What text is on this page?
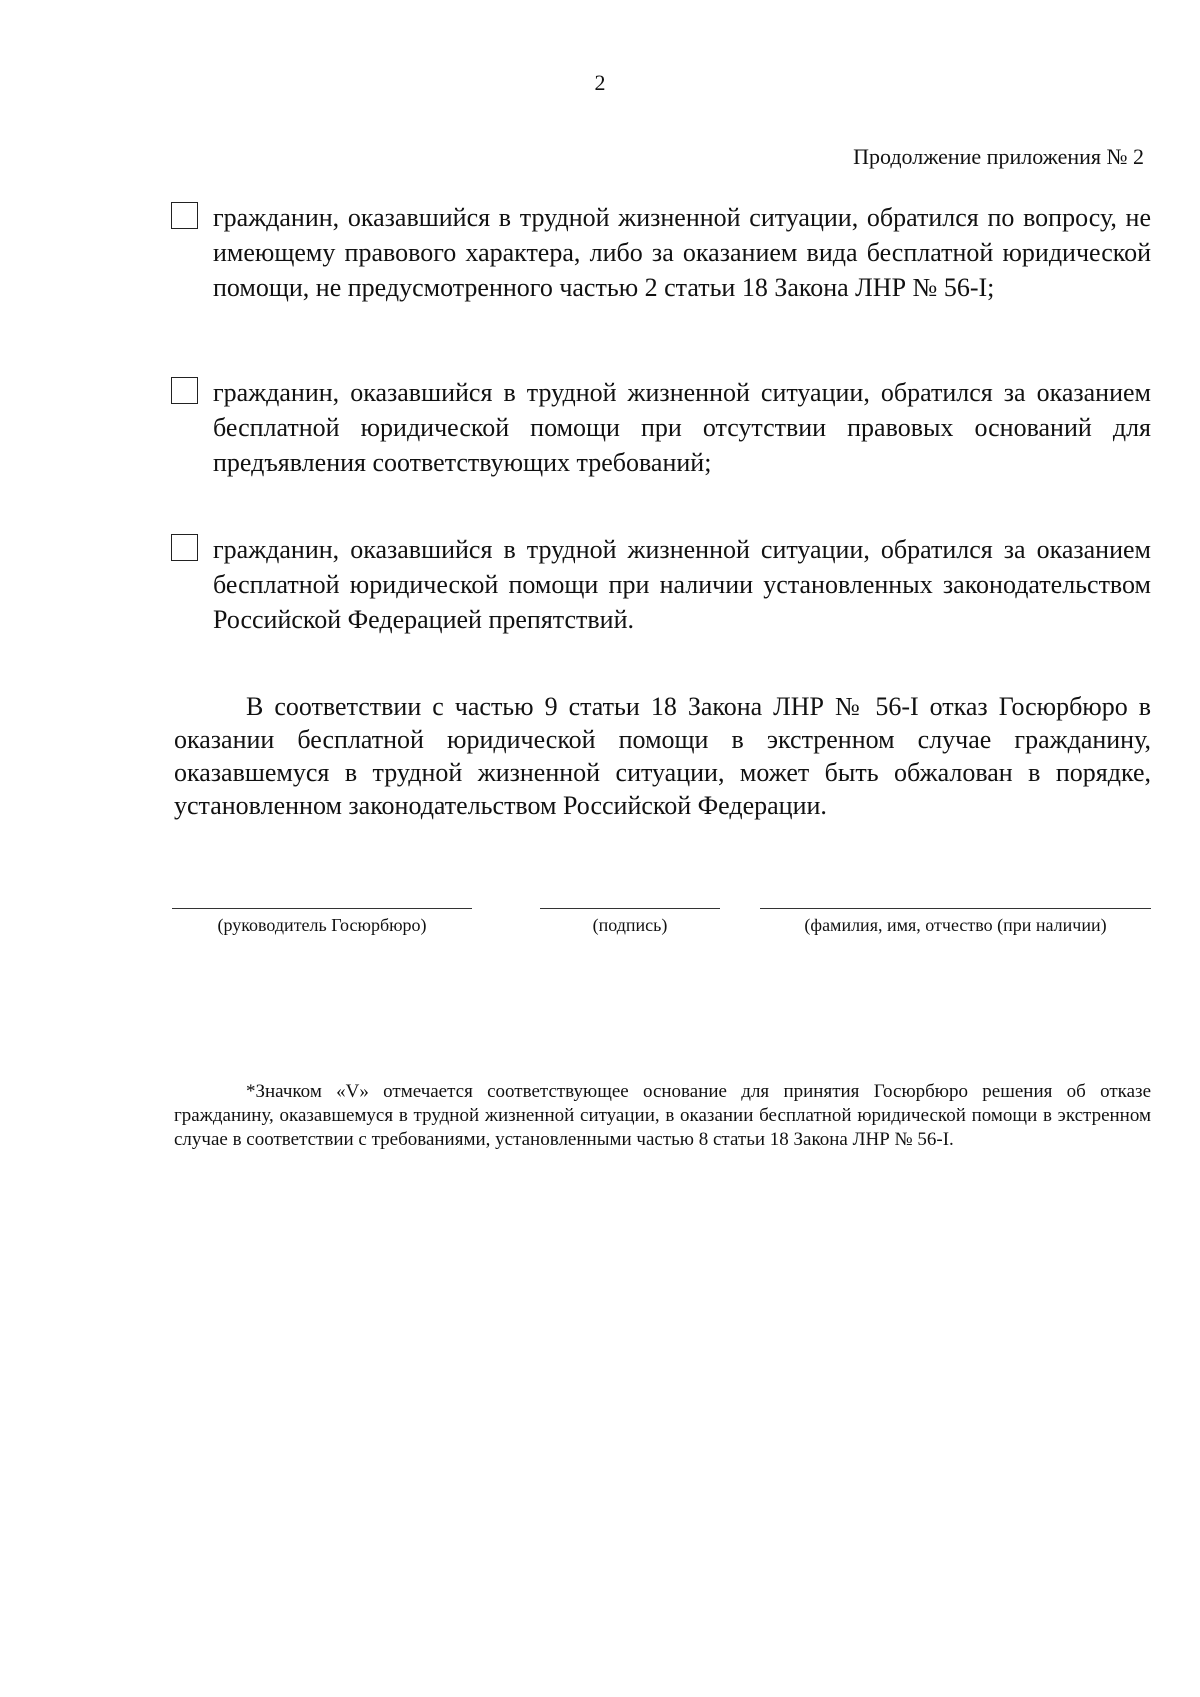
2
Продолжение приложения № 2
гражданин, оказавшийся в трудной жизненной ситуации, обратился по вопросу, не имеющему правового характера, либо за оказанием вида бесплатной юридической помощи, не предусмотренного частью 2 статьи 18 Закона ЛНР № 56-I;
гражданин, оказавшийся в трудной жизненной ситуации, обратился за оказанием бесплатной юридической помощи при отсутствии правовых оснований для предъявления соответствующих требований;
гражданин, оказавшийся в трудной жизненной ситуации, обратился за оказанием бесплатной юридической помощи при наличии установленных законодательством Российской Федерацией препятствий.

В соответствии с частью 9 статьи 18 Закона ЛНР № 56-I отказ Госюрбюро в оказании бесплатной юридической помощи в экстренном случае гражданину, оказавшемуся в трудной жизненной ситуации, может быть обжалован в порядке, установленном законодательством Российской Федерации.

(руководитель Госюрбюро)	(подпись)	(фамилия, имя, отчество (при наличии)

*Значком «V» отмечается соответствующее основание для принятия Госюрбюро решения об отказе гражданину, оказавшемуся в трудной жизненной ситуации, в оказании бесплатной юридической помощи в экстренном случае в соответствии с требованиями, установленными частью 8 статьи 18 Закона ЛНР № 56-I.
